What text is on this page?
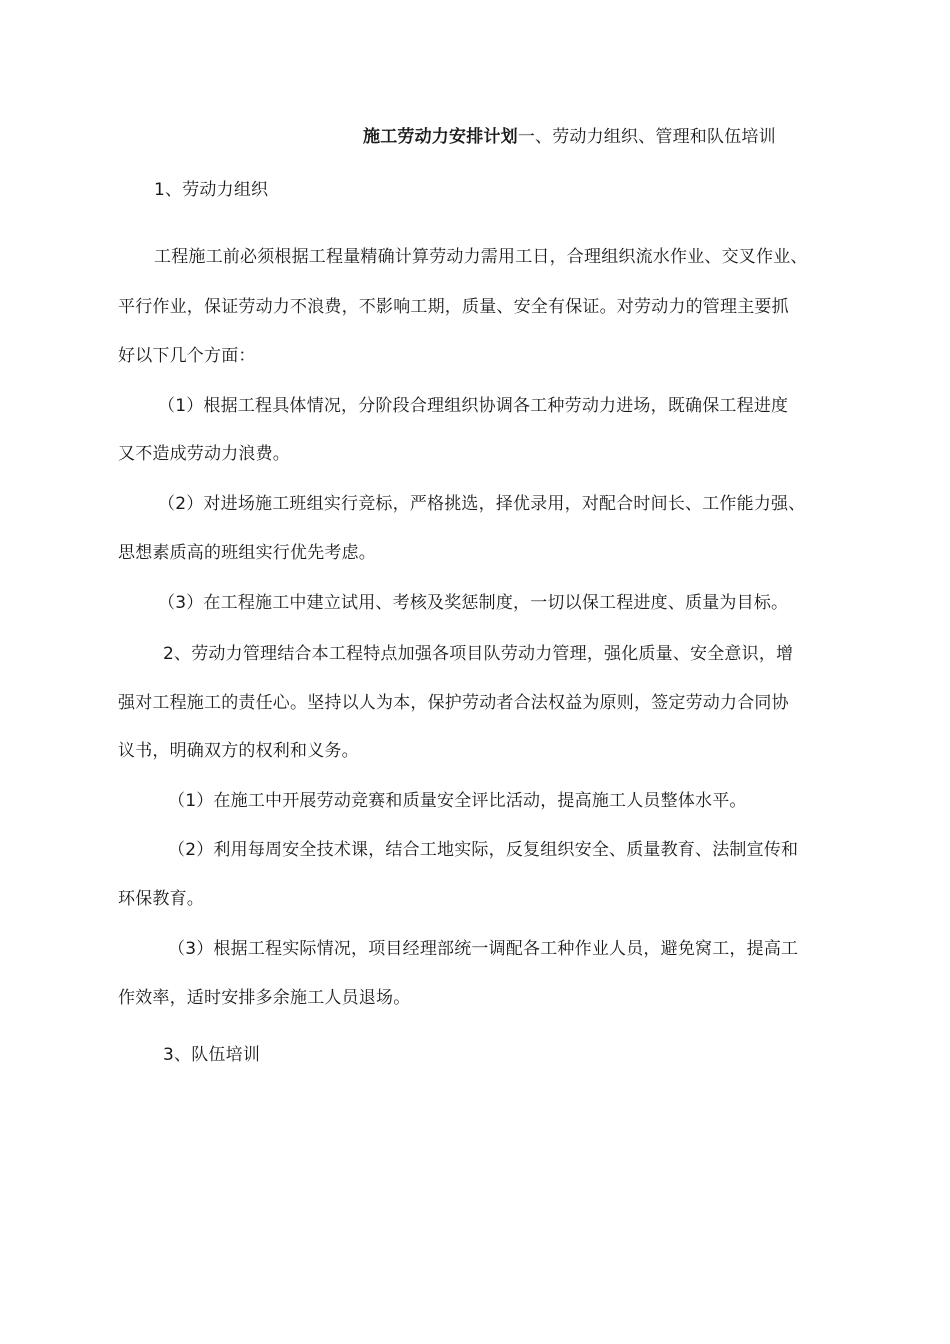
施工劳动力安排计划一、劳动力组织、管理和队伍培训
1、劳动力组织
工程施工前必须根据工程量精确计算劳动力需用工日，合理组织流水作业、交叉作业、
平行作业，保证劳动力不浪费，不影响工期，质量、安全有保证。对劳动力的管理主要抓
好以下几个方面：
（1）根据工程具体情况，分阶段合理组织协调各工种劳动力进场，既确保工程进度
又不造成劳动力浪费。
（2）对进场施工班组实行竞标，严格挑选，择优录用，对配合时间长、工作能力强、
思想素质高的班组实行优先考虑。
（3）在工程施工中建立试用、考核及奖惩制度，一切以保工程进度、质量为目标。
2、劳动力管理结合本工程特点加强各项目队劳动力管理，强化质量、安全意识，增
强对工程施工的责任心。坚持以人为本，保护劳动者合法权益为原则，签定劳动力合同协
议书，明确双方的权利和义务。
（1）在施工中开展劳动竞赛和质量安全评比活动，提高施工人员整体水平。
（2）利用每周安全技术课，结合工地实际，反复组织安全、质量教育、法制宣传和
环保教育。
（3）根据工程实际情况，项目经理部统一调配各工种作业人员，避免窝工，提高工
作效率，适时安排多余施工人员退场。
3、队伍培训
